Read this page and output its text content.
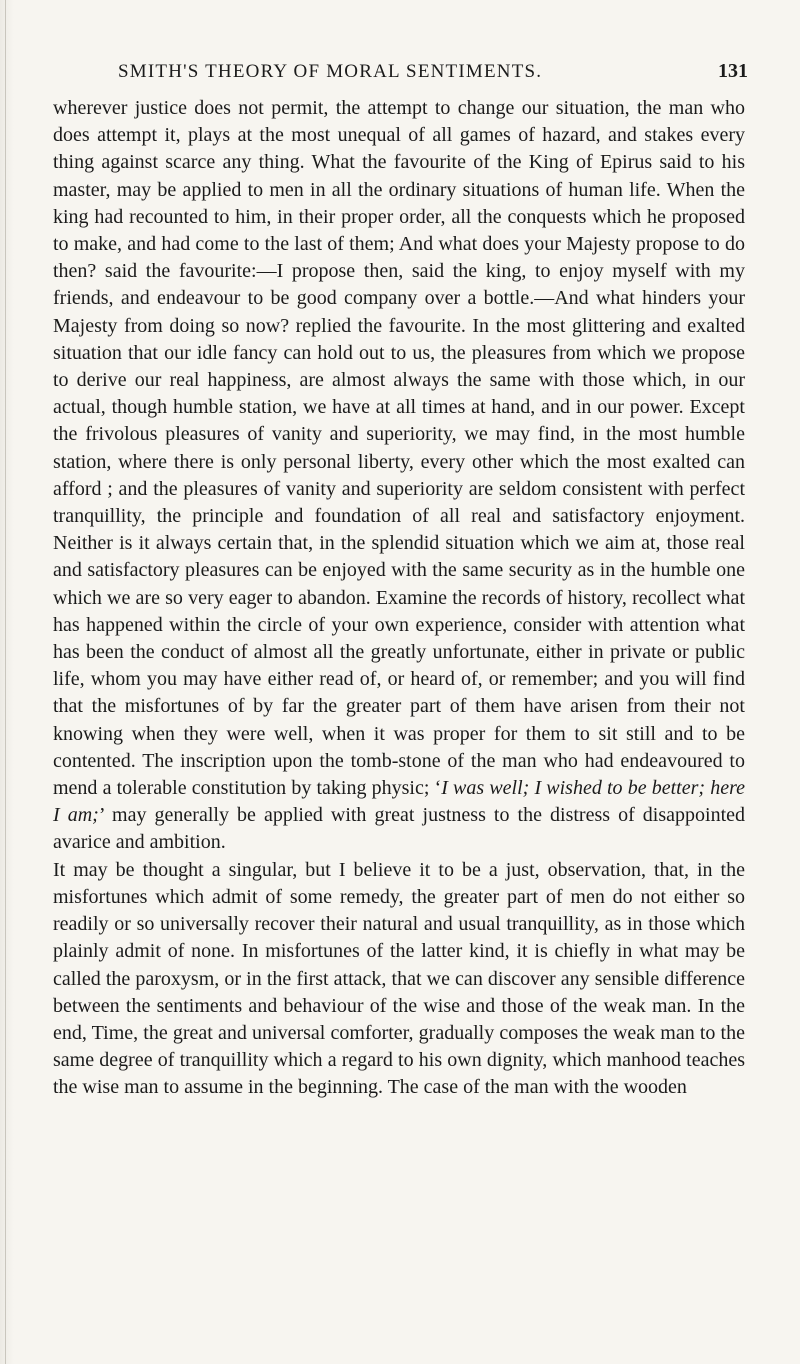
SMITH'S THEORY OF MORAL SENTIMENTS.	131

wherever justice does not permit, the attempt to change our situation, the man who does attempt it, plays at the most unequal of all games of hazard, and stakes every thing against scarce any thing. What the favourite of the King of Epirus said to his master, may be applied to men in all the ordinary situations of human life. When the king had recounted to him, in their proper order, all the conquests which he proposed to make, and had come to the last of them; And what does your Majesty propose to do then? said the favourite:—I propose then, said the king, to enjoy myself with my friends, and endeavour to be good company over a bottle.—And what hinders your Majesty from doing so now? replied the favourite. In the most glittering and exalted situation that our idle fancy can hold out to us, the pleasures from which we propose to derive our real happiness, are almost always the same with those which, in our actual, though humble station, we have at all times at hand, and in our power. Except the frivolous pleasures of vanity and superiority, we may find, in the most humble station, where there is only personal liberty, every other which the most exalted can afford ; and the pleasures of vanity and superiority are seldom consistent with perfect tranquillity, the principle and foundation of all real and satisfactory enjoyment. Neither is it always certain that, in the splendid situation which we aim at, those real and satisfactory pleasures can be enjoyed with the same security as in the humble one which we are so very eager to abandon. Examine the records of history, recollect what has happened within the circle of your own experience, consider with attention what has been the conduct of almost all the greatly unfortunate, either in private or public life, whom you may have either read of, or heard of, or remember; and you will find that the misfortunes of by far the greater part of them have arisen from their not knowing when they were well, when it was proper for them to sit still and to be contented. The inscription upon the tomb-stone of the man who had endeavoured to mend a tolerable constitution by taking physic; ‘I was well; I wished to be better; here I am;’ may generally be applied with great justness to the distress of disappointed avarice and ambition.

It may be thought a singular, but I believe it to be a just, observation, that, in the misfortunes which admit of some remedy, the greater part of men do not either so readily or so universally recover their natural and usual tranquillity, as in those which plainly admit of none. In misfortunes of the latter kind, it is chiefly in what may be called the paroxysm, or in the first attack, that we can discover any sensible difference between the sentiments and behaviour of the wise and those of the weak man. In the end, Time, the great and universal comforter, gradually composes the weak man to the same degree of tranquillity which a regard to his own dignity, which manhood teaches the wise man to assume in the beginning. The case of the man with the wooden
